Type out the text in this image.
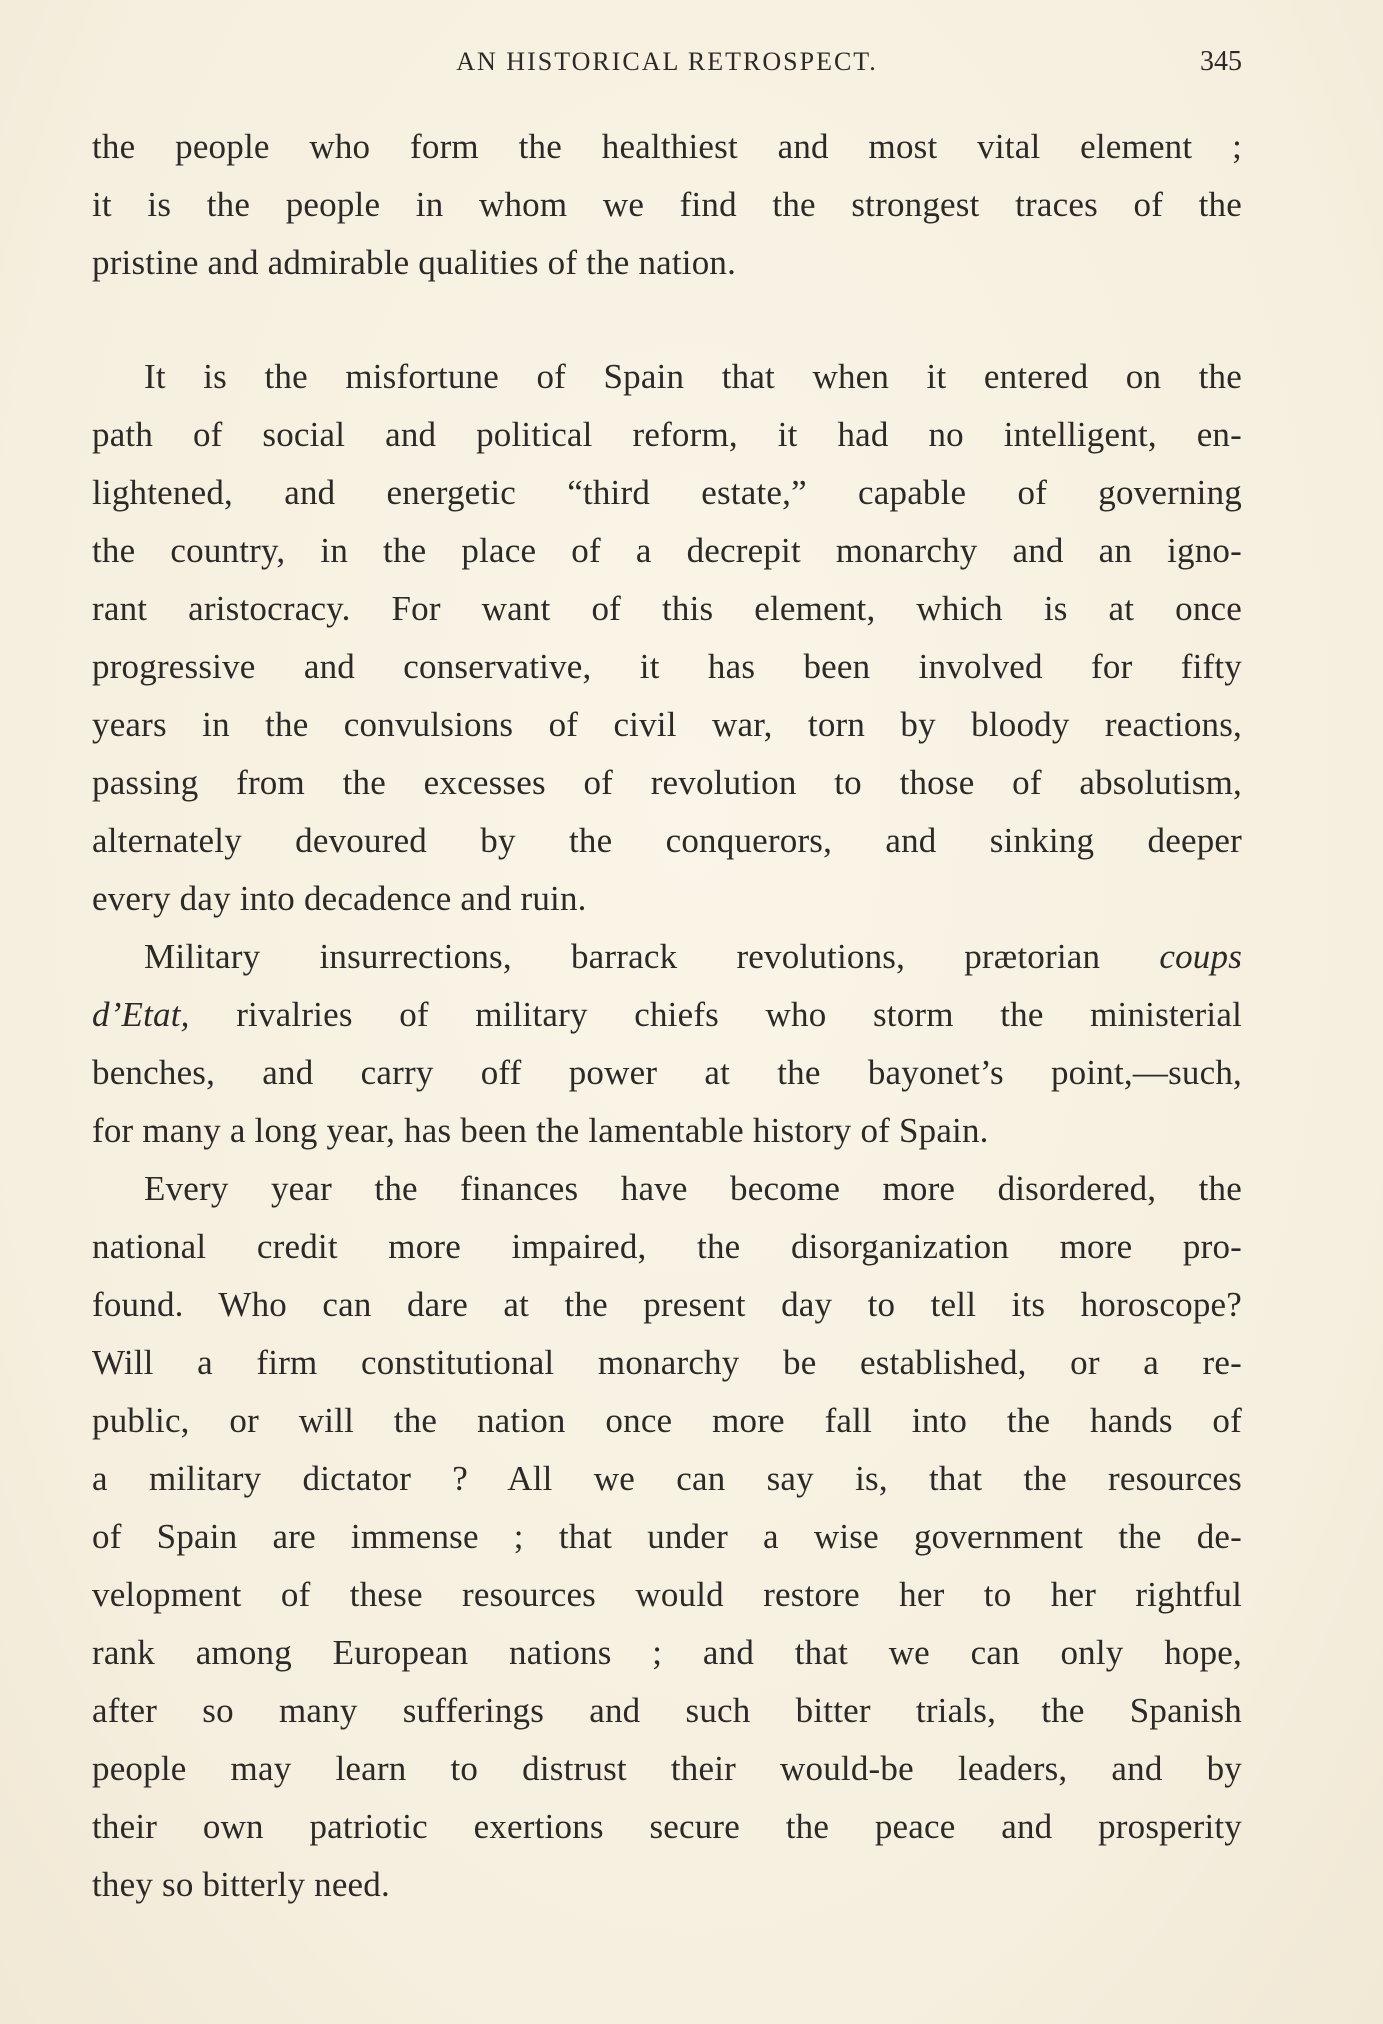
AN HISTORICAL RETROSPECT.	345
the people who form the healthiest and most vital element ;
it is the people in whom we find the strongest traces of the
pristine and admirable qualities of the nation.
It is the misfortune of Spain that when it entered on the
path of social and political reform, it had no intelligent, en-
lightened, and energetic “third estate,” capable of governing
the country, in the place of a decrepit monarchy and an igno-
rant aristocracy. For want of this element, which is at once
progressive and conservative, it has been involved for fifty
years in the convulsions of civil war, torn by bloody reactions,
passing from the excesses of revolution to those of absolutism,
alternately devoured by the conquerors, and sinking deeper
every day into decadence and ruin.
Military insurrections, barrack revolutions, prætorian coups
d’Etat, rivalries of military chiefs who storm the ministerial
benches, and carry off power at the bayonet’s point,—such,
for many a long year, has been the lamentable history of Spain.
Every year the finances have become more disordered, the
national credit more impaired, the disorganization more pro-
found. Who can dare at the present day to tell its horoscope?
Will a firm constitutional monarchy be established, or a re-
public, or will the nation once more fall into the hands of
a military dictator ? All we can say is, that the resources
of Spain are immense ; that under a wise government the de-
velopment of these resources would restore her to her rightful
rank among European nations ; and that we can only hope,
after so many sufferings and such bitter trials, the Spanish
people may learn to distrust their would-be leaders, and by
their own patriotic exertions secure the peace and prosperity
they so bitterly need.
